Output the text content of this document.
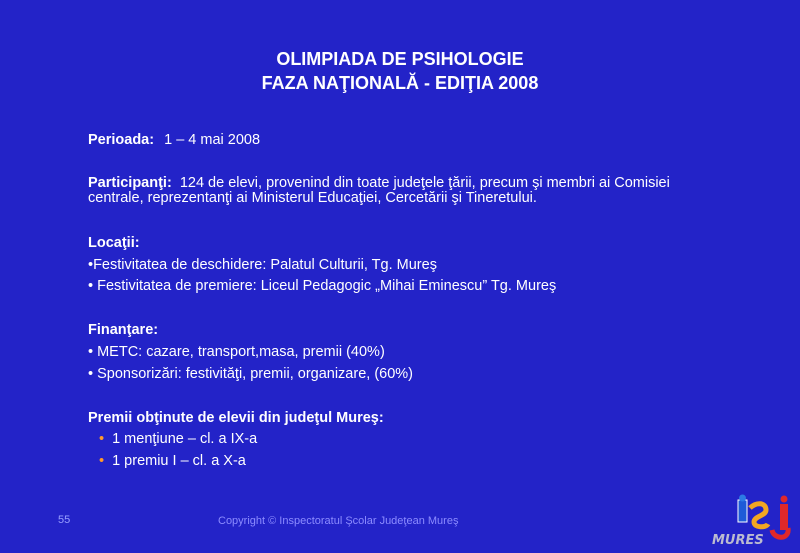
OLIMPIADA DE PSIHOLOGIE
FAZA NAŢIONALĂ - EDIŢIA 2008
Perioada: 1 – 4 mai 2008
Participanţi: 124 de elevi, provenind din toate judeţele ţării, precum şi membri ai Comisiei centrale, reprezentanţi ai Ministerul Educaţiei, Cercetării şi Tineretului.
Locaţii:
•Festivitatea de deschidere: Palatul Culturii, Tg. Mureş
• Festivitatea de premiere: Liceul Pedagogic „Mihai Eminescu” Tg. Mureş
Finanţare:
• METC: cazare, transport,masa, premii (40%)
• Sponsorizări: festivităţi, premii, organizare, (60%)
Premii obţinute de elevii din judeţul Mureş:
• 1 menţiune – cl. a IX-a
• 1 premiu I – cl. a X-a
55	Copyright © Inspectoratul Şcolar Judeţean Mureş
MURES
